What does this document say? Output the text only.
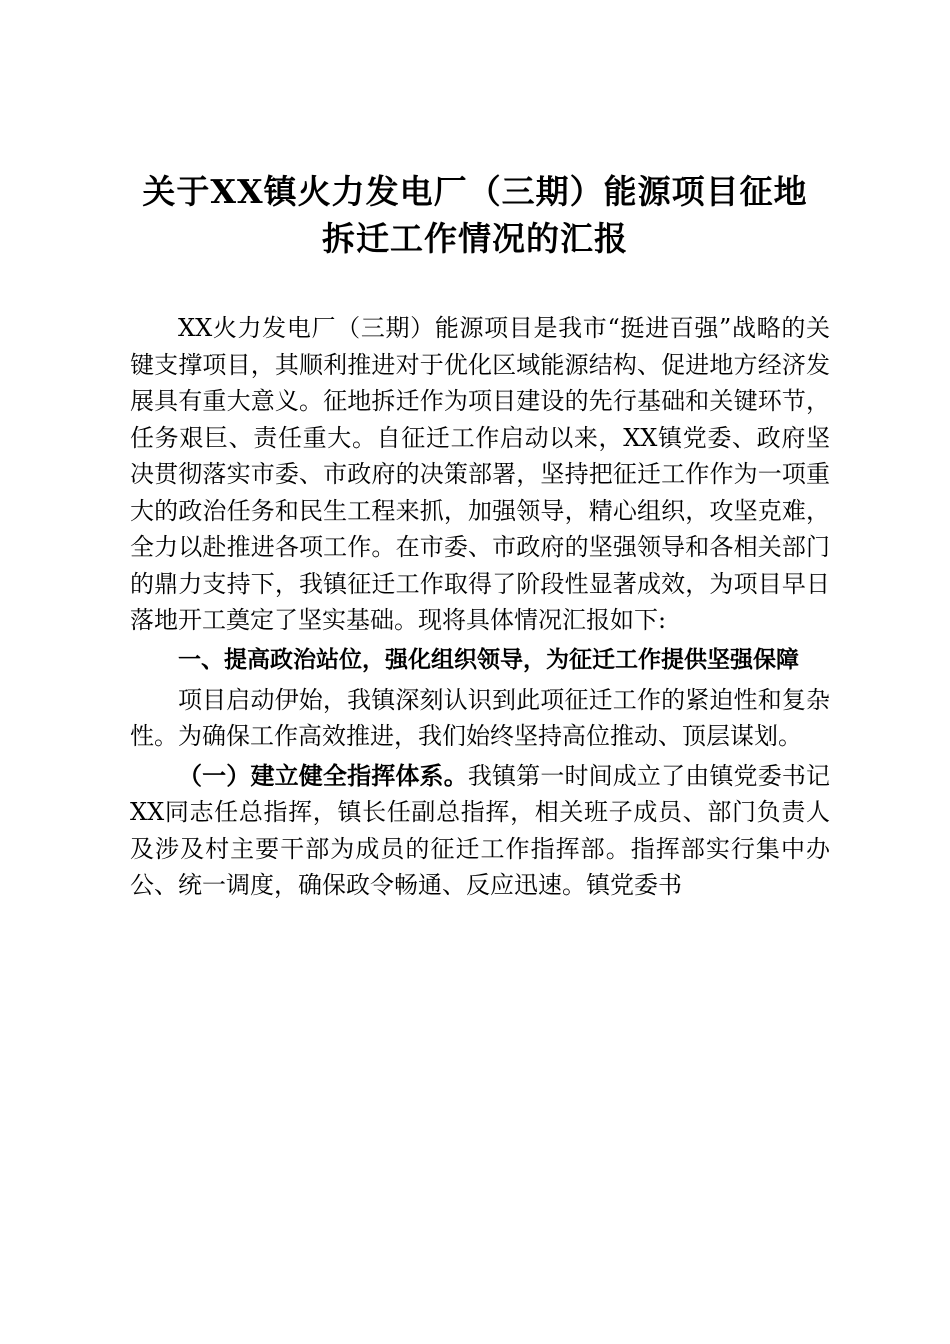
关于XX镇火力发电厂（三期）能源项目征地
拆迁工作情况的汇报

XX火力发电厂（三期）能源项目是我市“挺进百强”战略的关键支撑项目，其顺利推进对于优化区域能源结构、促进地方经济发展具有重大意义。征地拆迁作为项目建设的先行基础和关键环节，任务艰巨、责任重大。自征迁工作启动以来，XX镇党委、政府坚决贯彻落实市委、市政府的决策部署，坚持把征迁工作作为一项重大的政治任务和民生工程来抓，加强领导，精心组织，攻坚克难，全力以赴推进各项工作。在市委、市政府的坚强领导和各相关部门的鼎力支持下，我镇征迁工作取得了阶段性显著成效，为项目早日落地开工奠定了坚实基础。现将具体情况汇报如下:

一、提高政治站位，强化组织领导，为征迁工作提供坚强保障

项目启动伊始，我镇深刻认识到此项征迁工作的紧迫性和复杂性。为确保工作高效推进，我们始终坚持高位推动、顶层谋划。

（一）建立健全指挥体系。我镇第一时间成立了由镇党委书记XX同志任总指挥，镇长任副总指挥，相关班子成员、部门负责人及涉及村主要干部为成员的征迁工作指挥部。指挥部实行集中办公、统一调度，确保政令畅通、反应迅速。镇党委书
